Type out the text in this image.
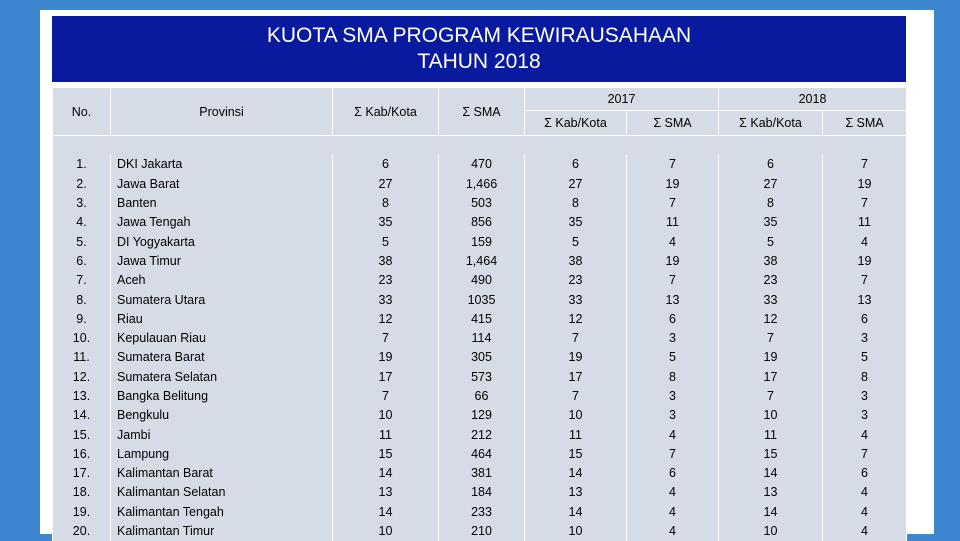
KUOTA SMA PROGRAM KEWIRAUSAHAAN
TAHUN 2018
No.	Provinsi	Σ Kab/Kota	Σ SMA	2017		2018	
				Σ Kab/Kota	Σ SMA	Σ Kab/Kota	Σ SMA

1.	DKI Jakarta	6	470	6	7	6	7
2.	Jawa Barat	27	1,466	27	19	27	19
3.	Banten	8	503	8	7	8	7
4.	Jawa Tengah	35	856	35	11	35	11
5.	DI Yogyakarta	5	159	5	4	5	4
6.	Jawa Timur	38	1,464	38	19	38	19
7.	Aceh	23	490	23	7	23	7
8.	Sumatera Utara	33	1035	33	13	33	13
9.	Riau	12	415	12	6	12	6
10.	Kepulauan Riau	7	114	7	3	7	3
11.	Sumatera Barat	19	305	19	5	19	5
12.	Sumatera Selatan	17	573	17	8	17	8
13.	Bangka Belitung	7	66	7	3	7	3
14.	Bengkulu	10	129	10	3	10	3
15.	Jambi	11	212	11	4	11	4
16.	Lampung	15	464	15	7	15	7
17.	Kalimantan Barat	14	381	14	6	14	6
18.	Kalimantan Selatan	13	184	13	4	13	4
19.	Kalimantan Tengah	14	233	14	4	14	4
20.	Kalimantan Timur	10	210	10	4	10	4
